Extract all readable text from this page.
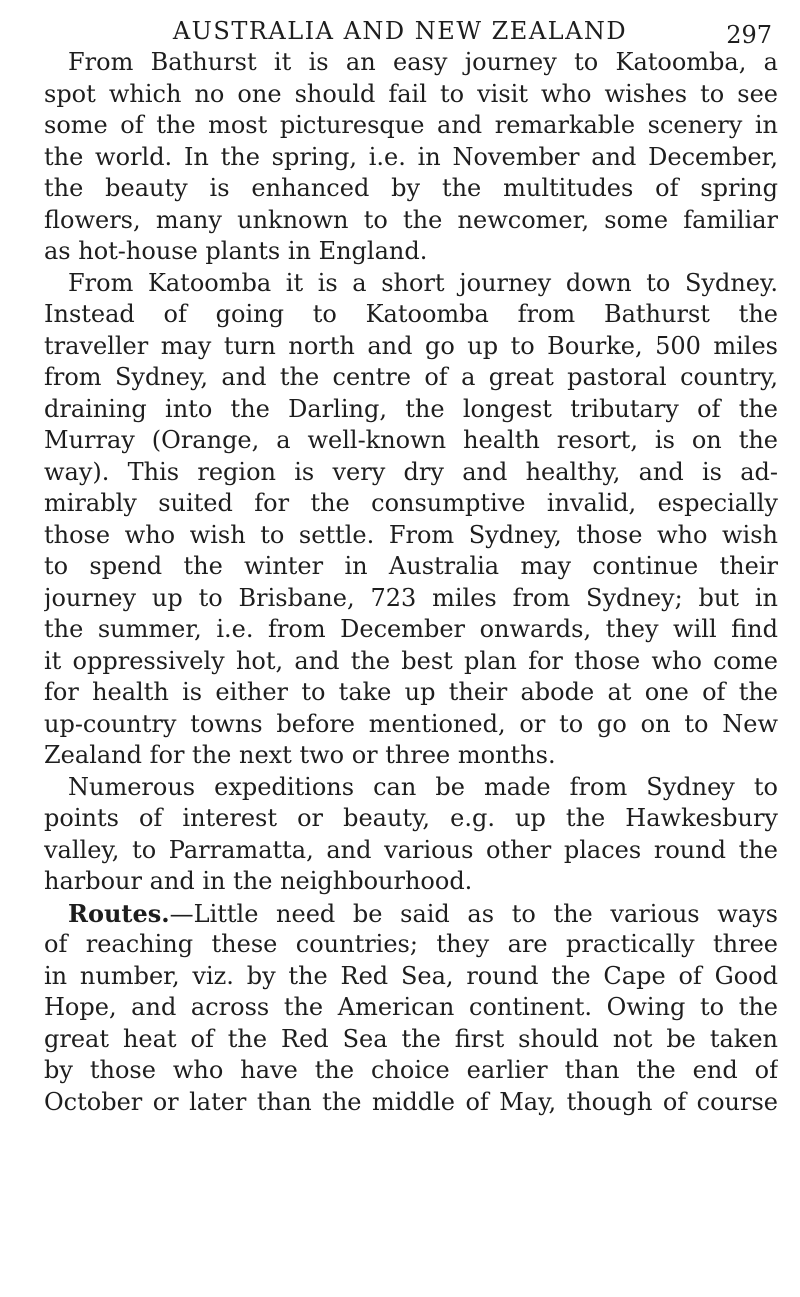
AUSTRALIA AND NEW ZEALAND	297
From Bathurst it is an easy journey to Katoomba, a
spot which no one should fail to visit who wishes to see
some of the most picturesque and remarkable scenery in
the world. In the spring, i.e. in November and December,
the beauty is enhanced by the multitudes of spring
flowers, many unknown to the newcomer, some familiar
as hot-house plants in England.
From Katoomba it is a short journey down to Sydney.
Instead of going to Katoomba from Bathurst the
traveller may turn north and go up to Bourke, 500 miles
from Sydney, and the centre of a great pastoral country,
draining into the Darling, the longest tributary of the
Murray (Orange, a well-known health resort, is on the
way). This region is very dry and healthy, and is ad-
mirably suited for the consumptive invalid, especially
those who wish to settle. From Sydney, those who wish
to spend the winter in Australia may continue their
journey up to Brisbane, 723 miles from Sydney; but in
the summer, i.e. from December onwards, they will find
it oppressively hot, and the best plan for those who come
for health is either to take up their abode at one of the
up-country towns before mentioned, or to go on to New
Zealand for the next two or three months.
Numerous expeditions can be made from Sydney to
points of interest or beauty, e.g. up the Hawkesbury
valley, to Parramatta, and various other places round the
harbour and in the neighbourhood.
Routes.—Little need be said as to the various ways
of reaching these countries; they are practically three
in number, viz. by the Red Sea, round the Cape of Good
Hope, and across the American continent. Owing to the
great heat of the Red Sea the first should not be taken
by those who have the choice earlier than the end of
October or later than the middle of May, though of course
